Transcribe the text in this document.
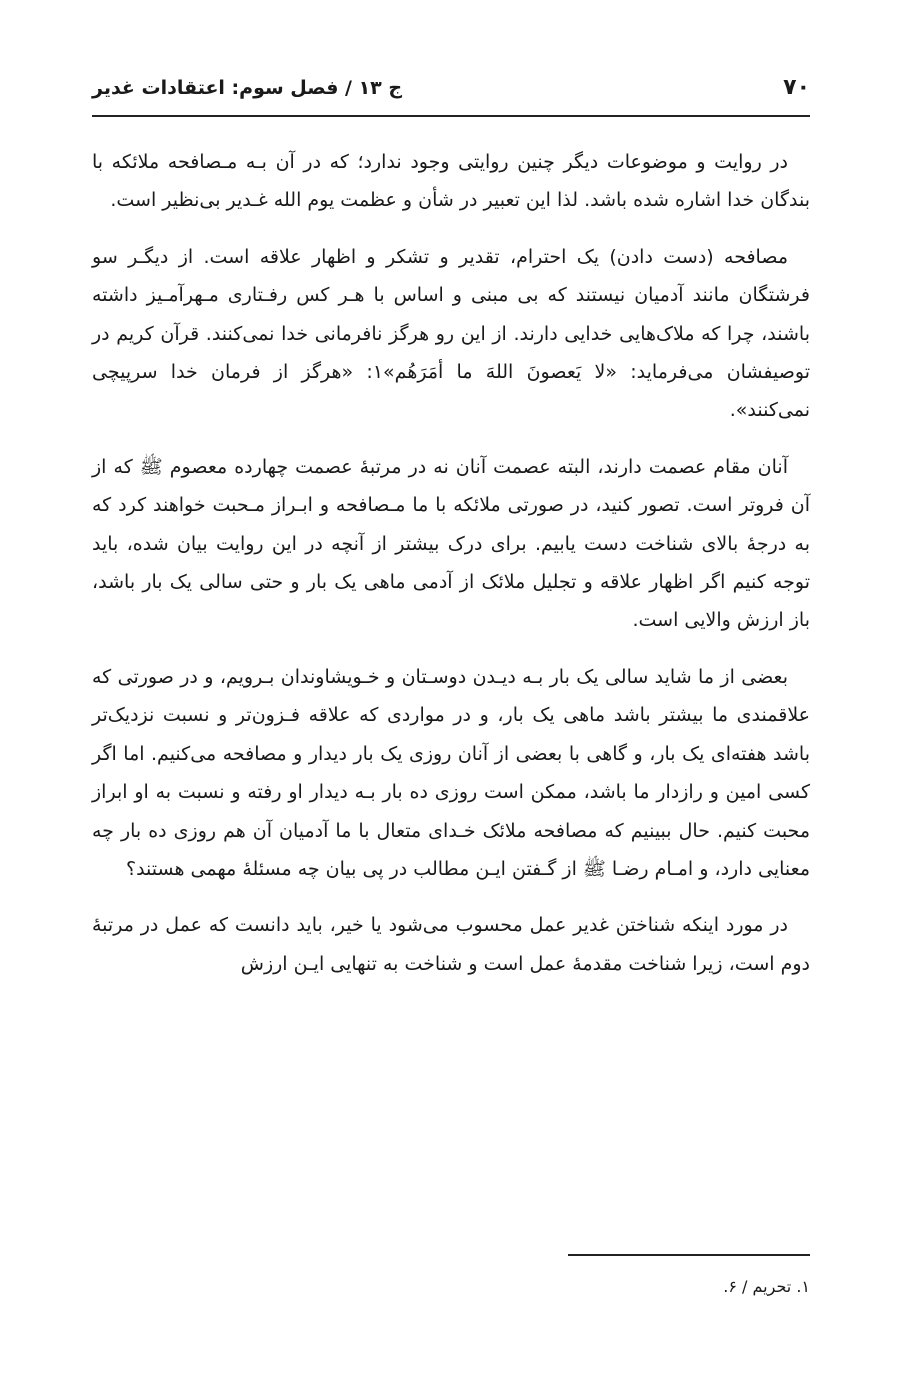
۷۰
ج ۱۳ / فصل سوم: اعتقادات غدیر

در روایت و موضوعات دیگر چنین روایتی وجود ندارد؛ که در آن بـه مـصافحه ملائکه با بندگان خدا اشاره شده باشد. لذا این تعبیر در شأن و عظمت یوم الله غـدیر بی‌نظیر است.

مصافحه (دست دادن) یک احترام، تقدیر و تشکر و اظهار علاقه است. از دیگـر سو فرشتگان مانند آدمیان نیستند که بی مبنی و اساس با هـر کس رفـتاری مـهرآمـیز داشته باشند، چرا که ملاک‌هایی خدایی دارند. از این رو هرگز نافرمانی خدا نمی‌کنند. قرآن کریم در توصیفشان می‌فرماید: «لا یَعصونَ اللهَ ما أمَرَهُم»۱: «هرگز از فرمان خدا سرپیچی نمی‌کنند».

آنان مقام عصمت دارند، البته عصمت آنان نه در مرتبهٔ عصمت چهارده معصوم ﷺ که از آن فروتر است. تصور کنید، در صورتی ملائکه با ما مـصافحه و ابـراز مـحبت خواهند کرد که به درجهٔ بالای شناخت دست یابیم. برای درک بیشتر از آنچه در این روایت بیان شده، باید توجه کنیم اگر اظهار علاقه و تجلیل ملائک از آدمی ماهی یک بار و حتی سالی یک بار باشد، باز ارزش والایی است.

بعضی از ما شاید سالی یک بار بـه دیـدن دوسـتان و خـویشاوندان بـرویم، و در صورتی که علاقمندی ما بیشتر باشد ماهی یک بار، و در مواردی که علاقه فـزون‌تر و نسبت نزدیک‌تر باشد هفته‌ای یک بار، و گاهی با بعضی از آنان روزی یک بار دیدار و مصافحه می‌کنیم. اما اگر کسی امین و رازدار ما باشد، ممکن است روزی ده بار بـه دیدار او رفته و نسبت به او ابراز محبت کنیم. حال ببینیم که مصافحه ملائک خـدای متعال با ما آدمیان آن هم روزی ده بار چه معنایی دارد، و امـام رضـا ﷺ از گـفتن ایـن مطالب در پی بیان چه مسئلهٔ مهمی هستند؟

در مورد اینکه شناختن غدیر عمل محسوب می‌شود یا خیر، باید دانست که عمل در مرتبهٔ دوم است، زیرا شناخت مقدمهٔ عمل است و شناخت به تنهایی ایـن ارزش

۱. تحریم / ۶.
